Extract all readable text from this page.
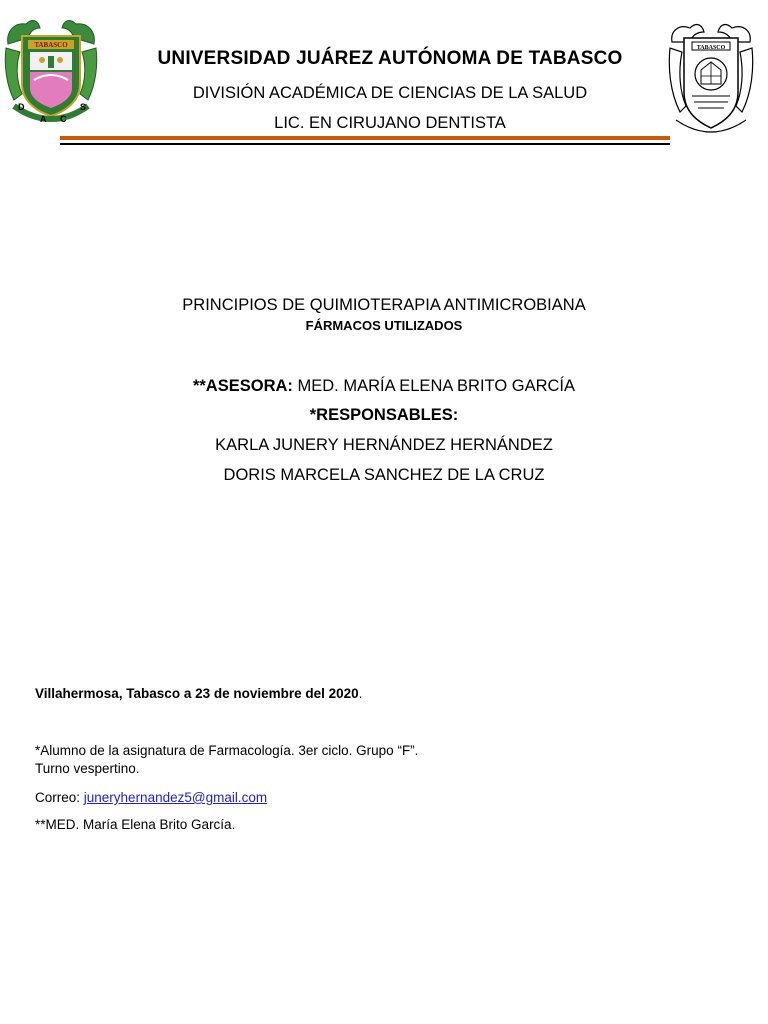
TABASCO
D
A C
S
TABASCO
UNIVERSIDAD JUÁREZ AUTÓNOMA DE TABASCO
DIVISIÓN ACADÉMICA DE CIENCIAS DE LA SALUD
LIC. EN CIRUJANO DENTISTA
PRINCIPIOS DE QUIMIOTERAPIA ANTIMICROBIANA
FÁRMACOS UTILIZADOS
**ASESORA: MED. MARÍA ELENA BRITO GARCÍA
*RESPONSABLES:
KARLA JUNERY HERNÁNDEZ HERNÁNDEZ
DORIS MARCELA SANCHEZ DE LA CRUZ
Villahermosa, Tabasco a 23 de noviembre del 2020.
*Alumno de la asignatura de Farmacología. 3er ciclo. Grupo “F”.
Turno vespertino.
Correo: juneryhernandez5@gmail.com
**MED. María Elena Brito García.
